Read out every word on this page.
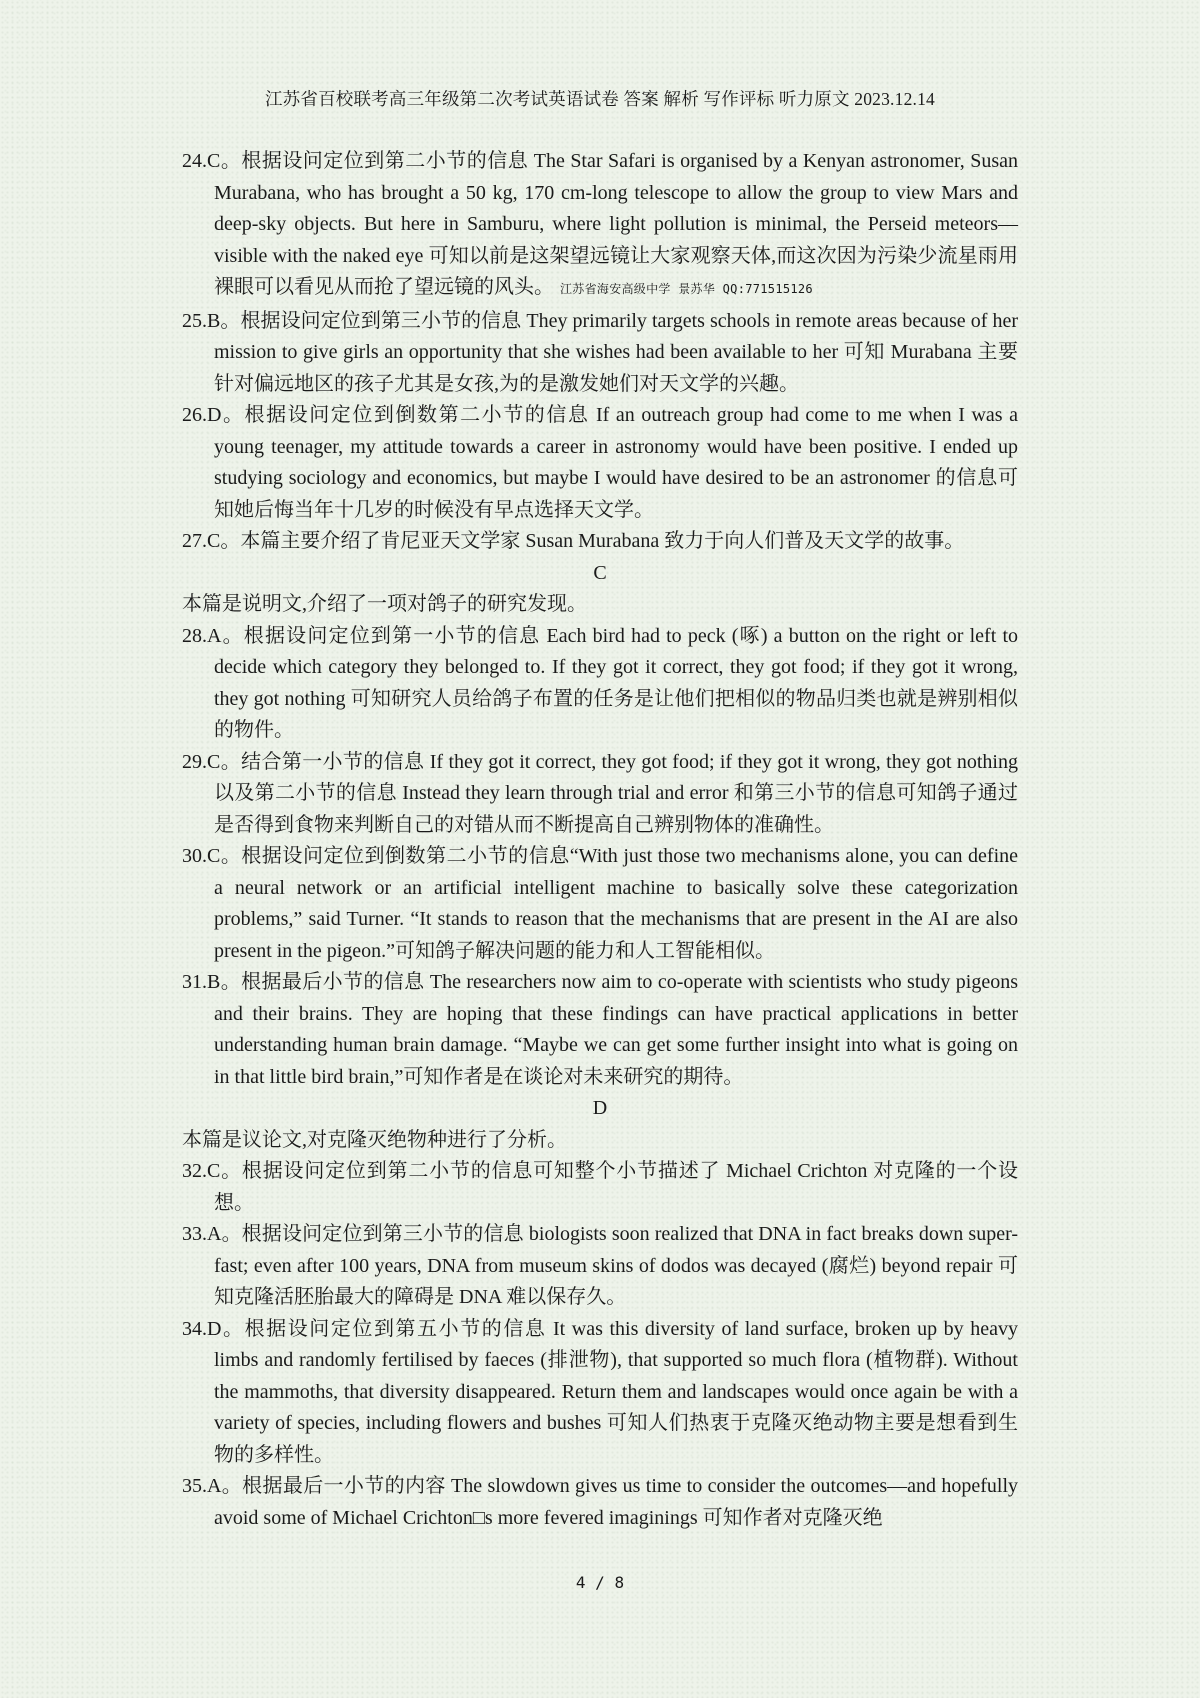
江苏省百校联考高三年级第二次考试英语试卷 答案 解析 写作评标 听力原文 2023.12.14
24.C。根据设问定位到第二小节的信息 The Star Safari is organised by a Kenyan astronomer, Susan Murabana, who has brought a 50 kg, 170 cm-long telescope to allow the group to view Mars and deep-sky objects. But here in Samburu, where light pollution is minimal, the Perseid meteors—visible with the naked eye 可知以前是这架望远镜让大家观察天体,而这次因为污染少流星雨用裸眼可以看见从而抢了望远镜的风头。 江苏省海安高级中学 景苏华 QQ:771515126
25.B。根据设问定位到第三小节的信息 They primarily targets schools in remote areas because of her mission to give girls an opportunity that she wishes had been available to her 可知 Murabana 主要针对偏远地区的孩子尤其是女孩,为的是激发她们对天文学的兴趣。
26.D。根据设问定位到倒数第二小节的信息 If an outreach group had come to me when I was a young teenager, my attitude towards a career in astronomy would have been positive. I ended up studying sociology and economics, but maybe I would have desired to be an astronomer 的信息可知她后悔当年十几岁的时候没有早点选择天文学。
27.C。本篇主要介绍了肯尼亚天文学家 Susan Murabana 致力于向人们普及天文学的故事。
C
本篇是说明文,介绍了一项对鸽子的研究发现。
28.A。根据设问定位到第一小节的信息 Each bird had to peck (啄) a button on the right or left to decide which category they belonged to. If they got it correct, they got food; if they got it wrong, they got nothing 可知研究人员给鸽子布置的任务是让他们把相似的物品归类也就是辨别相似的物件。
29.C。结合第一小节的信息 If they got it correct, they got food; if they got it wrong, they got nothing 以及第二小节的信息 Instead they learn through trial and error 和第三小节的信息可知鸽子通过是否得到食物来判断自己的对错从而不断提高自己辨别物体的准确性。
30.C。根据设问定位到倒数第二小节的信息“With just those two mechanisms alone, you can define a neural network or an artificial intelligent machine to basically solve these categorization problems,” said Turner. “It stands to reason that the mechanisms that are present in the AI are also present in the pigeon.”可知鸽子解决问题的能力和人工智能相似。
31.B。根据最后小节的信息 The researchers now aim to co-operate with scientists who study pigeons and their brains. They are hoping that these findings can have practical applications in better understanding human brain damage. “Maybe we can get some further insight into what is going on in that little bird brain,”可知作者是在谈论对未来研究的期待。
D
本篇是议论文,对克隆灭绝物种进行了分析。
32.C。根据设问定位到第二小节的信息可知整个小节描述了 Michael Crichton 对克隆的一个设想。
33.A。根据设问定位到第三小节的信息 biologists soon realized that DNA in fact breaks down super-fast; even after 100 years, DNA from museum skins of dodos was decayed (腐烂) beyond repair 可知克隆活胚胎最大的障碍是 DNA 难以保存久。
34.D。根据设问定位到第五小节的信息 It was this diversity of land surface, broken up by heavy limbs and randomly fertilised by faeces (排泄物), that supported so much flora (植物群). Without the mammoths, that diversity disappeared. Return them and landscapes would once again be with a variety of species, including flowers and bushes 可知人们热衷于克隆灭绝动物主要是想看到生物的多样性。
35.A。根据最后一小节的内容 The slowdown gives us time to consider the outcomes—and hopefully avoid some of Michael Crichton□s more fevered imaginings 可知作者对克隆灭绝
4 / 8
